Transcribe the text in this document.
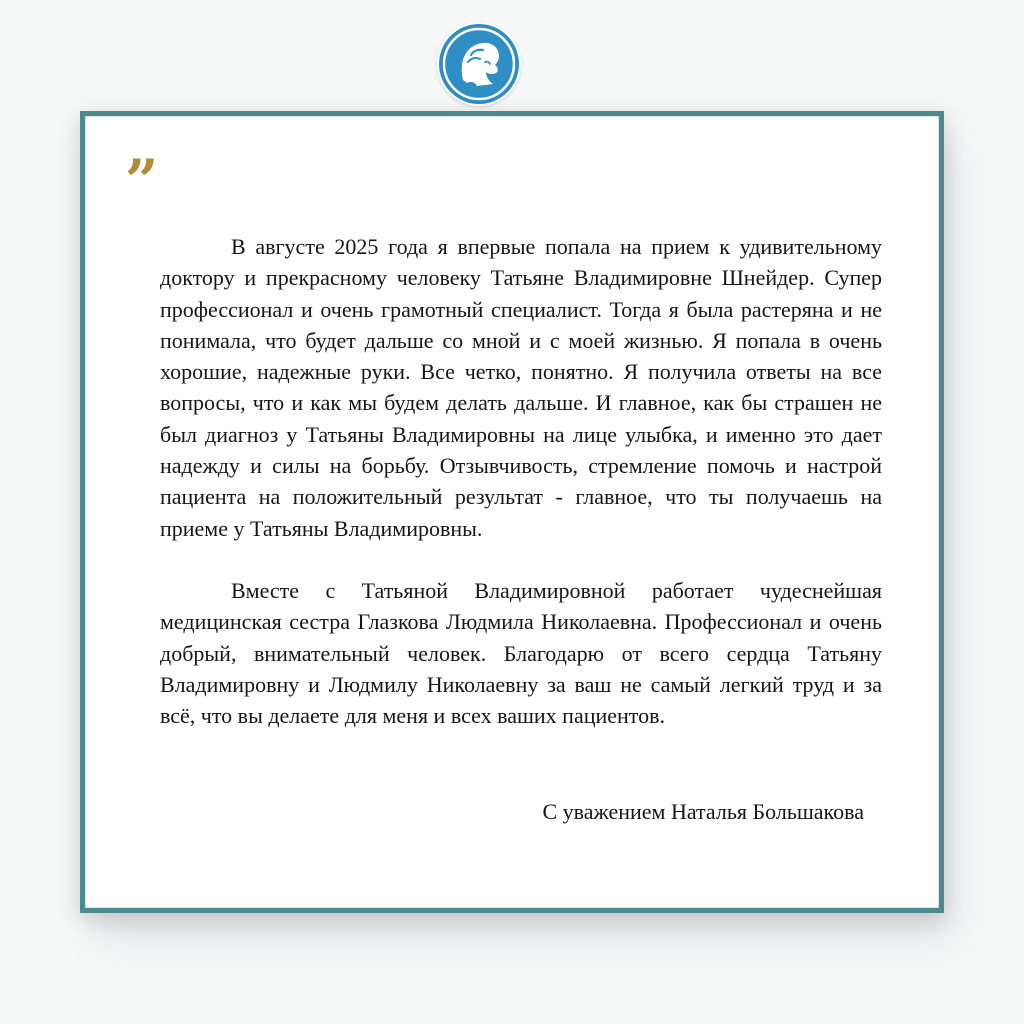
”

В августе 2025 года я впервые попала на прием к удивительному доктору и прекрасному человеку Татьяне Владимировне Шнейдер. Супер профессионал и очень грамотный специалист. Тогда я была растеряна и не понимала, что будет дальше со мной и с моей жизнью. Я попала в очень хорошие, надежные руки. Все четко, понятно. Я получила ответы на все вопросы, что и как мы будем делать дальше. И главное, как бы страшен не был диагноз у Татьяны Владимировны на лице улыбка, и именно это дает надежду и силы на борьбу. Отзывчивость, стремление помочь и настрой пациента на положительный результат - главное, что ты получаешь на приеме у Татьяны Владимировны.

Вместе с Татьяной Владимировной работает чудеснейшая медицинская сестра Глазкова Людмила Николаевна. Профессионал и очень добрый, внимательный человек. Благодарю от всего сердца Татьяну Владимировну и Людмилу Николаевну за ваш не самый легкий труд и за всё, что вы делаете для меня и всех ваших пациентов.

С уважением Наталья Большакова
